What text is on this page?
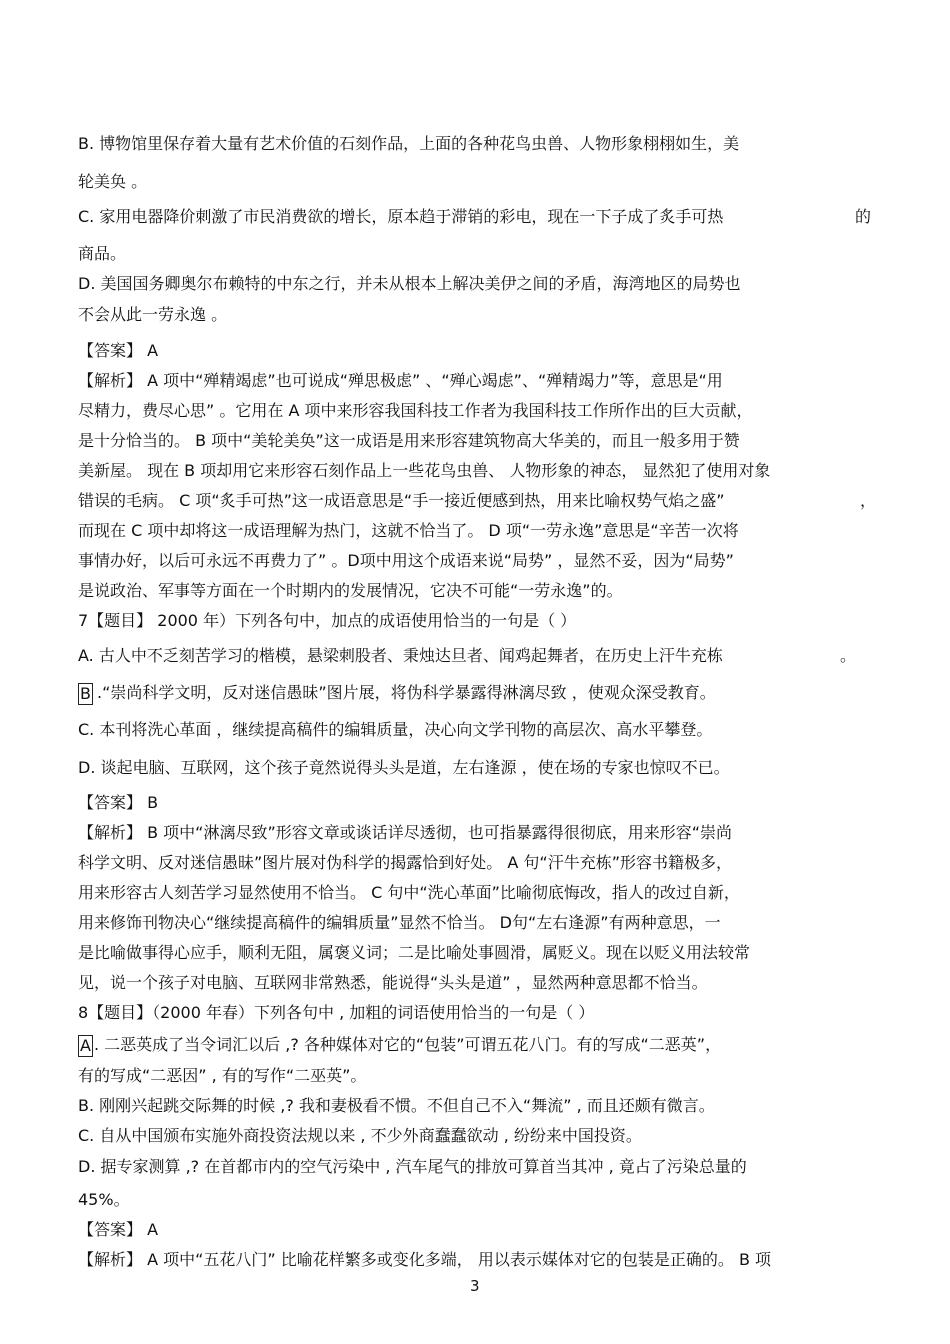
B. 博物馆里保存着大量有艺术价值的石刻作品，上面的各种花鸟虫兽、人物形象栩栩如生，美
轮美奂 。
C. 家用电器降价刺激了市民消费欲的增长，原本趋于滞销的彩电，现在一下子成了炙手可热	的
商品。
D. 美国国务卿奥尔布赖特的中东之行，并未从根本上解决美伊之间的矛盾，海湾地区的局势也
不会从此一劳永逸 。
【答案】 A
【解析】 A 项中“殚精竭虑”也可说成“殚思极虑” 、“殚心竭虑”、“殚精竭力”等，意思是“用
尽精力，费尽心思” 。它用在 A 项中来形容我国科技工作者为我国科技工作所作出的巨大贡献，
是十分恰当的。 B 项中“美轮美奂”这一成语是用来形容建筑物高大华美的，而且一般多用于赞
美新屋。 现在 B 项却用它来形容石刻作品上一些花鸟虫兽、 人物形象的神态， 显然犯了使用对象
错误的毛病。 C 项“炙手可热”这一成语意思是“手一接近便感到热，用来比喻权势气焰之盛”	，
而现在 C 项中却将这一成语理解为热门，这就不恰当了。 D 项“一劳永逸”意思是“辛苦一次将
事情办好，以后可永远不再费力了” 。D项中用这个成语来说“局势” ，显然不妥，因为“局势”
是说政治、军事等方面在一个时期内的发展情况，它决不可能“一劳永逸”的。
7【题目】 2000 年）下列各句中，加点的成语使用恰当的一句是（ ）
A. 古人中不乏刻苦学习的楷模，悬梁刺股者、秉烛达旦者、闻鸡起舞者，在历史上汗牛充栋	。
.“崇尚科学文明，反对迷信愚昧”图片展，将伪科学暴露得淋漓尽致 ，使观众深受教育。
C. 本刊将洗心革面 ，继续提高稿件的编辑质量，决心向文学刊物的高层次、高水平攀登。
D. 谈起电脑、互联网，这个孩子竟然说得头头是道，左右逢源 ，使在场的专家也惊叹不已。
【答案】 B
【解析】 B 项中“淋漓尽致”形容文章或谈话详尽透彻，也可指暴露得很彻底，用来形容“崇尚
科学文明、反对迷信愚昧”图片展对伪科学的揭露恰到好处。 A 句“汗牛充栋”形容书籍极多，
用来形容古人刻苦学习显然使用不恰当。 C 句中“洗心革面”比喻彻底悔改，指人的改过自新，
用来修饰刊物决心“继续提高稿件的编辑质量”显然不恰当。 D句“左右逢源”有两种意思，一
是比喻做事得心应手，顺利无阻，属褒义词；二是比喻处事圆滑，属贬义。现在以贬义用法较常
见，说一个孩子对电脑、互联网非常熟悉，能说得“头头是道” ，显然两种意思都不恰当。
8【题目】（2000 年春）下列各句中 , 加粗的词语使用恰当的一句是（ ）
. 二恶英成了当令词汇以后 ,? 各种媒体对它的“包装”可谓五花八门。有的写成“二恶英”，
有的写成“二恶因” , 有的写作“二巫英”。
B. 刚刚兴起跳交际舞的时候 ,? 我和妻极看不惯。不但自己不入“舞流” , 而且还颇有微言。
C. 自从中国颁布实施外商投资法规以来 , 不少外商蠢蠢欲动 , 纷纷来中国投资。
D. 据专家测算 ,? 在首都市内的空气污染中 , 汽车尾气的排放可算首当其冲 , 竟占了污染总量的
45%。
【答案】 A
【解析】 A 项中“五花八门” 比喻花样繁多或变化多端， 用以表示媒体对它的包装是正确的。 B 项
B
A
3
